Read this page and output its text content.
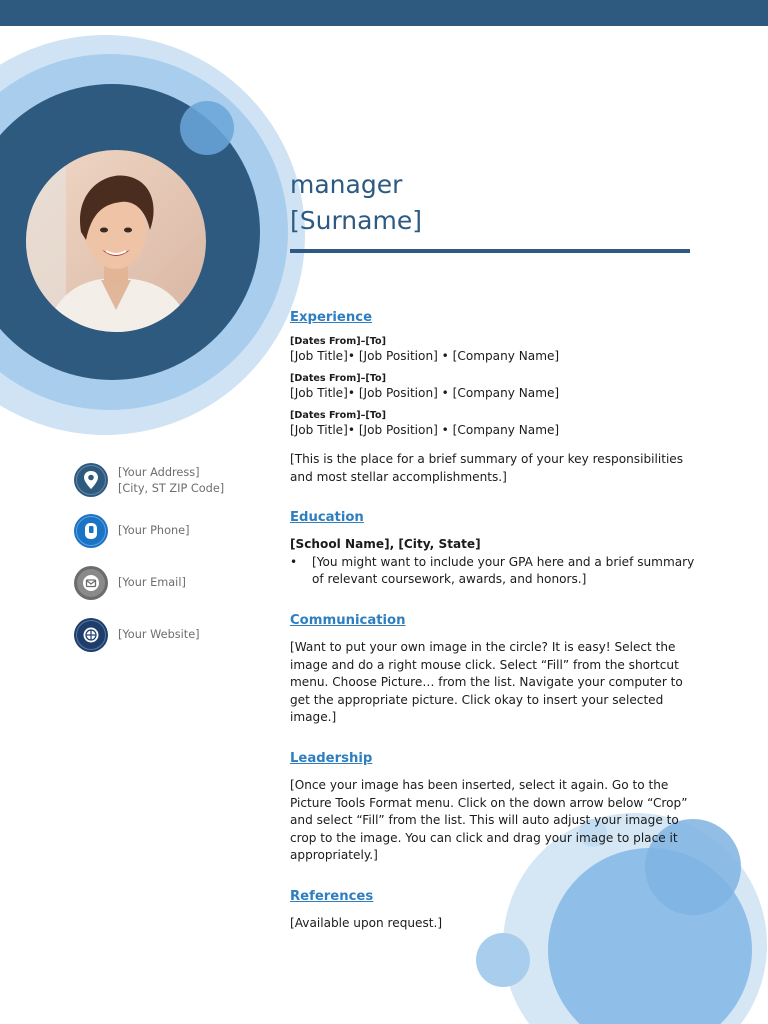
manager
[Surname]
[Your Address]
[City, ST ZIP Code]
[Your Phone]
[Your Email]
[Your Website]
Experience
[Dates From]–[To]
[Job Title]• [Job Position] • [Company Name]
[Dates From]–[To]
[Job Title]• [Job Position] • [Company Name]
[Dates From]–[To]
[Job Title]• [Job Position] • [Company Name]

[This is the place for a brief summary of your key responsibilities and most stellar accomplishments.]

Education
[School Name], [City, State]
• [You might want to include your GPA here and a brief summary of relevant coursework, awards, and honors.]
Communication

[Want to put your own image in the circle? It is easy! Select the image and do a right mouse click. Select “Fill” from the shortcut menu. Choose Picture… from the list. Navigate your computer to get the appropriate picture. Click okay to insert your selected image.]

Leadership

[Once your image has been inserted, select it again. Go to the Picture Tools Format menu. Click on the down arrow below “Crop” and select “Fill” from the list. This will auto adjust your image to crop to the image. You can click and drag your image to place it appropriately.]

References

[Available upon request.]
